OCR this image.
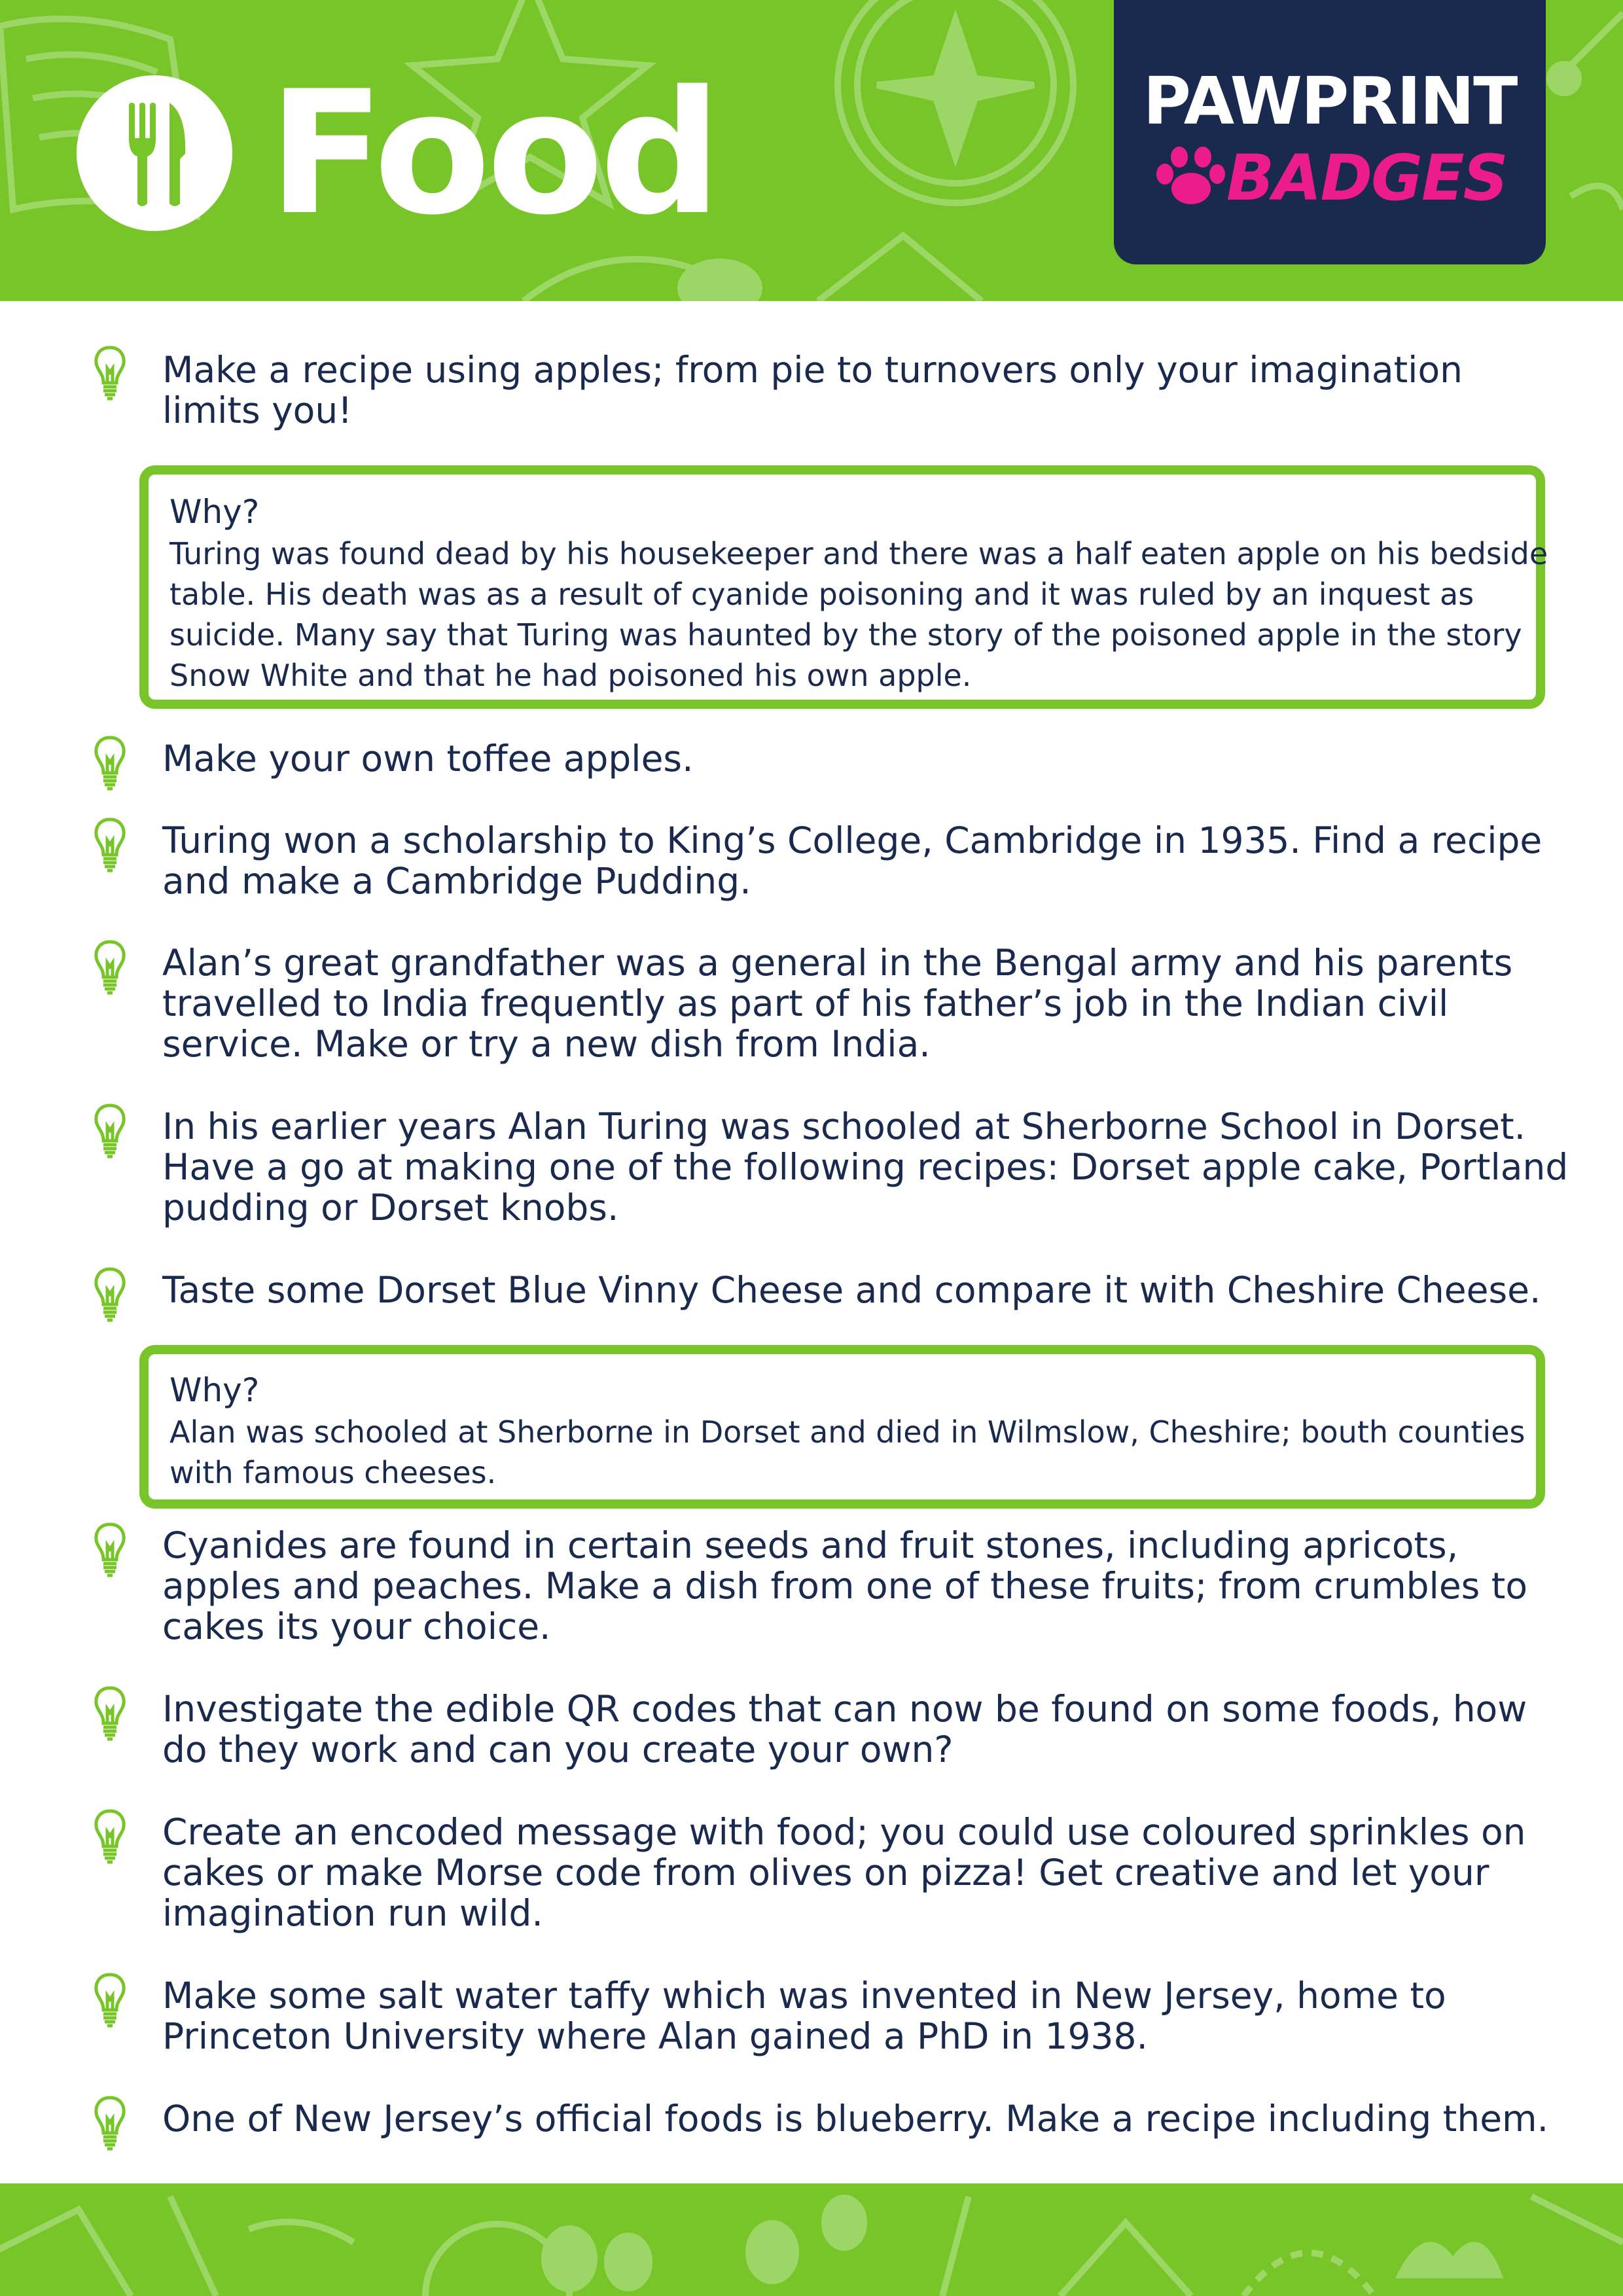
Food	PAWPRINT
BADGES
Make a recipe using apples; from pie to turnovers only your imagination limits you!
Why?
Turing was found dead by his housekeeper and there was a half eaten apple on his bedside table. His death was as a result of cyanide poisoning and it was ruled by an inquest as suicide. Many say that Turing was haunted by the story of the poisoned apple in the story Snow White and that he had poisoned his own apple.
Make your own toffee apples.
Turing won a scholarship to King’s College, Cambridge in 1935. Find a recipe and make a Cambridge Pudding.
Alan’s great grandfather was a general in the Bengal army and his parents travelled to India frequently as part of his father’s job in the Indian civil service. Make or try a new dish from India.
In his earlier years Alan Turing was schooled at Sherborne School in Dorset. Have a go at making one of the following recipes: Dorset apple cake, Portland pudding or Dorset knobs.
Taste some Dorset Blue Vinny Cheese and compare it with Cheshire Cheese.
Why?
Alan was schooled at Sherborne in Dorset and died in Wilmslow, Cheshire; bouth counties with famous cheeses.
Cyanides are found in certain seeds and fruit stones, including apricots, apples and peaches. Make a dish from one of these fruits; from crumbles to cakes its your choice.
Investigate the edible QR codes that can now be found on some foods, how do they work and can you create your own?
Create an encoded message with food; you could use coloured sprinkles on cakes or make Morse code from olives on pizza! Get creative and let your imagination run wild.
Make some salt water taffy which was invented in New Jersey, home to Princeton University where Alan gained a PhD in 1938.
One of New Jersey’s official foods is blueberry. Make a recipe including them.
